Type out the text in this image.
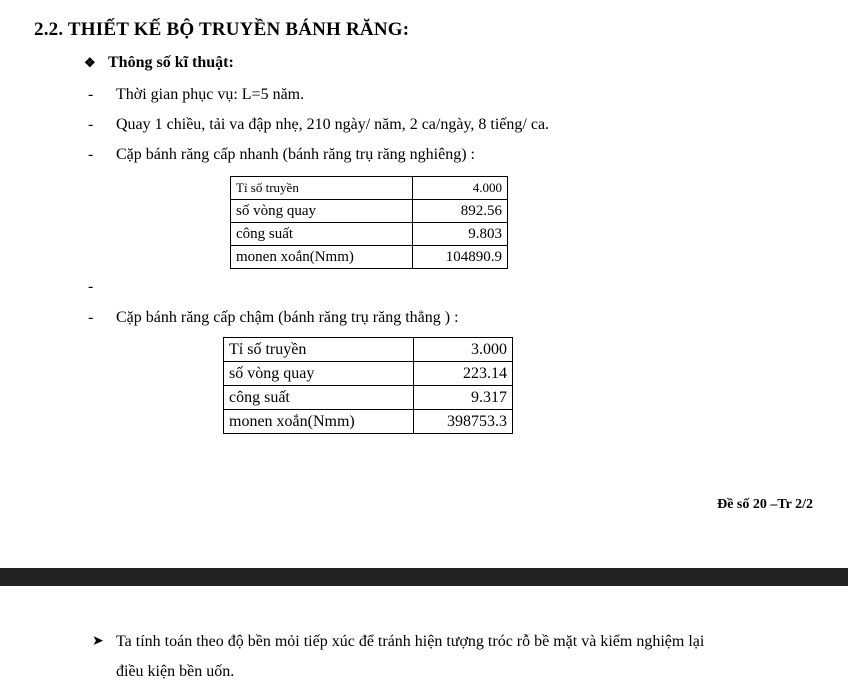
2.2. THIẾT KẾ BỘ TRUYỀN BÁNH RĂNG:
❖ Thông số kĩ thuật:
- Thời gian phục vụ: L=5 năm.
- Quay 1 chiều, tải va đập nhẹ, 210 ngày/ năm, 2 ca/ngày, 8 tiếng/ ca.
- Cặp bánh răng cấp nhanh (bánh răng trụ răng nghiêng) :
Tỉ số truyền	4.000
số vòng quay	892.56
công suất	9.803
monen xoắn(Nmm)	104890.9
-
- Cặp bánh răng cấp chậm (bánh răng trụ răng thẳng ) :
Tỉ số truyền	3.000
số vòng quay	223.14
công suất	9.317
monen xoắn(Nmm)	398753.3
Đề số 20 –Tr 2/2
➤ Ta tính toán theo độ bền mỏi tiếp xúc để tránh hiện tượng tróc rỗ bề mặt và kiểm nghiệm lại
điều kiện bền uốn.
